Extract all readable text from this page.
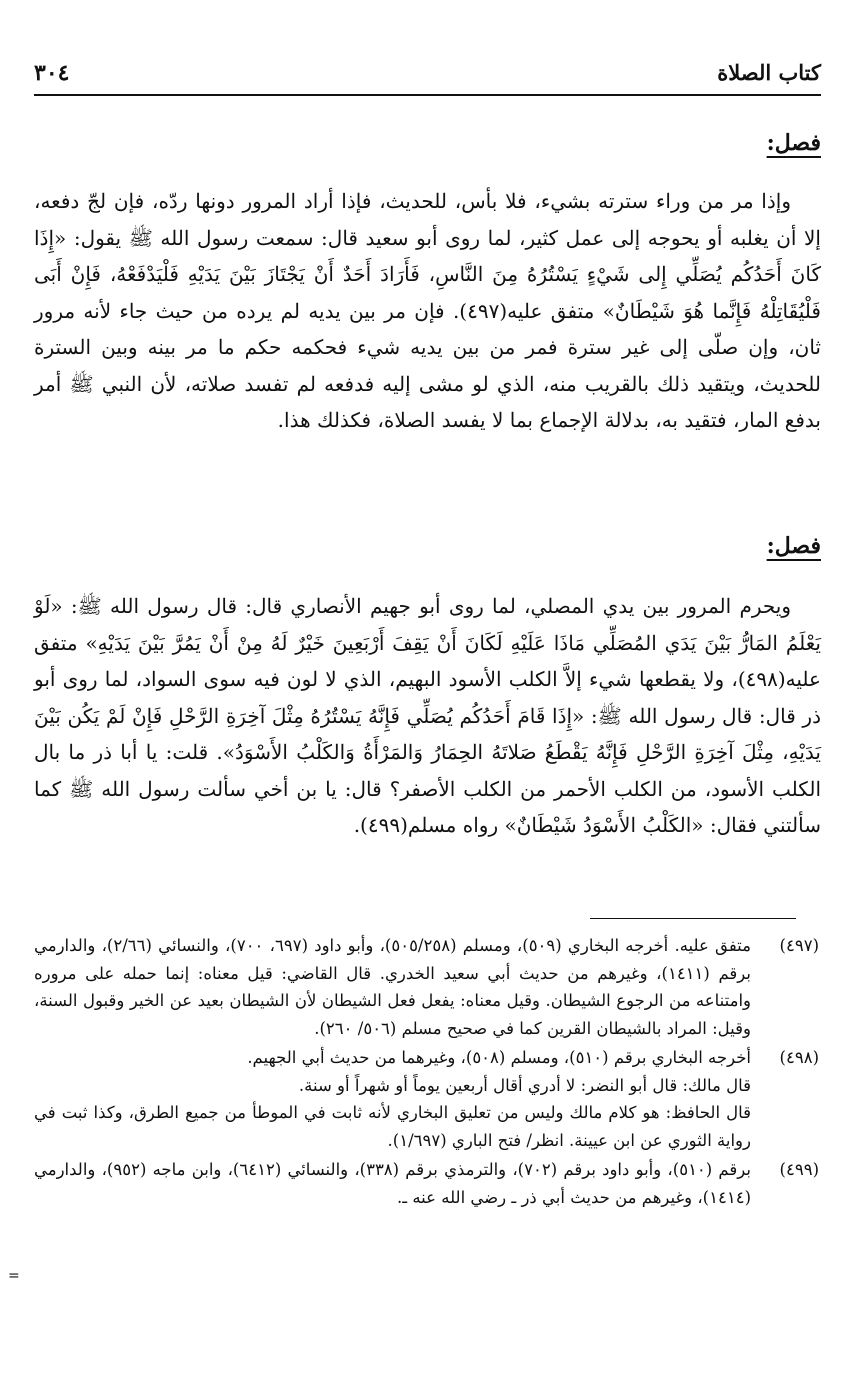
٣٠٤	كتاب الصلاة
فصل:

وإذا مر من وراء سترته بشيء، فلا بأس، للحديث، فإذا أراد المرور دونها ردّه، فإن لجّ دفعه، إلا أن يغلبه أو يحوجه إلى عمل كثير، لما روى أبو سعيد قال: سمعت رسول الله ﷺ يقول: «إِذَا كَانَ أَحَدُكُم يُصَلِّي إِلى شَيْءٍ يَسْتُرُهُ مِنَ النَّاسِ، فَأَرَادَ أَحَدٌ أَنْ يَجْتَازَ بَيْنَ يَدَيْهِ فَلْيَدْفَعْهُ، فَإِنْ أَبَى فَلْيُقَاتِلْهُ فَإِنَّما هُوَ شَيْطَانٌ» متفق عليه(٤٩٧). فإن مر بين يديه لم يرده من حيث جاء لأنه مرور ثان، وإن صلّى إلى غير سترة فمر من بين يديه شيء فحكمه حكم ما مر بينه وبين السترة للحديث، ويتقيد ذلك بالقريب منه، الذي لو مشى إليه فدفعه لم تفسد صلاته، لأن النبي ﷺ أمر بدفع المار، فتقيد به، بدلالة الإجماع بما لا يفسد الصلاة، فكذلك هذا.

فصل:

ويحرم المرور بين يدي المصلي، لما روى أبو جهيم الأنصاري قال: قال رسول الله ﷺ: «لَوْ يَعْلَمُ المَارُّ بَيْنَ يَدَي المُصَلِّي مَاذَا عَلَيْهِ لَكَانَ أَنْ يَقِفَ أَرْبَعِينَ خَيْرٌ لَهُ مِنْ أَنْ يَمُرَّ بَيْنَ يَدَيْهِ» متفق عليه(٤٩٨)، ولا يقطعها شيء إلاَّ الكلب الأسود البهيم، الذي لا لون فيه سوى السواد، لما روى أبو ذر قال: قال رسول الله ﷺ: «إِذَا قَامَ أَحَدُكُم يُصَلِّي فَإِنَّهُ يَسْتُرُهُ مِثْلَ آخِرَةِ الرَّحْلِ فَإِنْ لَمْ يَكُن بَيْنَ يَدَيْهِ، مِثْلَ آخِرَةِ الرَّحْلِ فَإِنَّهُ يَقْطَعُ صَلاتَهُ الحِمَارُ وَالمَرْأَةُ وَالكَلْبُ الأَسْوَدُ». قلت: يا أبا ذر ما بال الكلب الأسود، من الكلب الأحمر من الكلب الأصفر؟ قال: يا بن أخي سألت رسول الله ﷺ كما سألتني فقال: «الكَلْبُ الأَسْوَدُ شَيْطَانٌ» رواه مسلم(٤٩٩).

(٤٩٧)

متفق عليه. أخرجه البخاري (٥٠٩)، ومسلم (٥٠٥/٢٥٨)، وأبو داود (٦٩٧، ٧٠٠)، والنسائي (٢/٦٦)، والدارمي برقم (١٤١١)، وغيرهم من حديث أبي سعيد الخدري. قال القاضي: قيل معناه: إنما حمله على مروره وامتناعه من الرجوع الشيطان. وقيل معناه: يفعل فعل الشيطان لأن الشيطان بعيد عن الخير وقبول السنة، وقيل: المراد بالشيطان القرين كما في صحيح مسلم (٥٠٦/ ٢٦٠).

(٤٩٨)

أخرجه البخاري برقم (٥١٠)، ومسلم (٥٠٨)، وغيرهما من حديث أبي الجهيم.

قال مالك: قال أبو النضر: لا أدري أقال أربعين يوماً أو شهراً أو سنة.

قال الحافظ: هو كلام مالك وليس من تعليق البخاري لأنه ثابت في الموطأ من جميع الطرق، وكذا ثبت في رواية الثوري عن ابن عيينة. انظر/ فتح الباري (١/٦٩٧).

(٤٩٩)

برقم (٥١٠)، وأبو داود برقم (٧٠٢)، والترمذي برقم (٣٣٨)، والنسائي (٦٤١٢)، وابن ماجه (٩٥٢)، والدارمي (١٤١٤)، وغيرهم من حديث أبي ذر ـ رضي الله عنه ـ.

=
